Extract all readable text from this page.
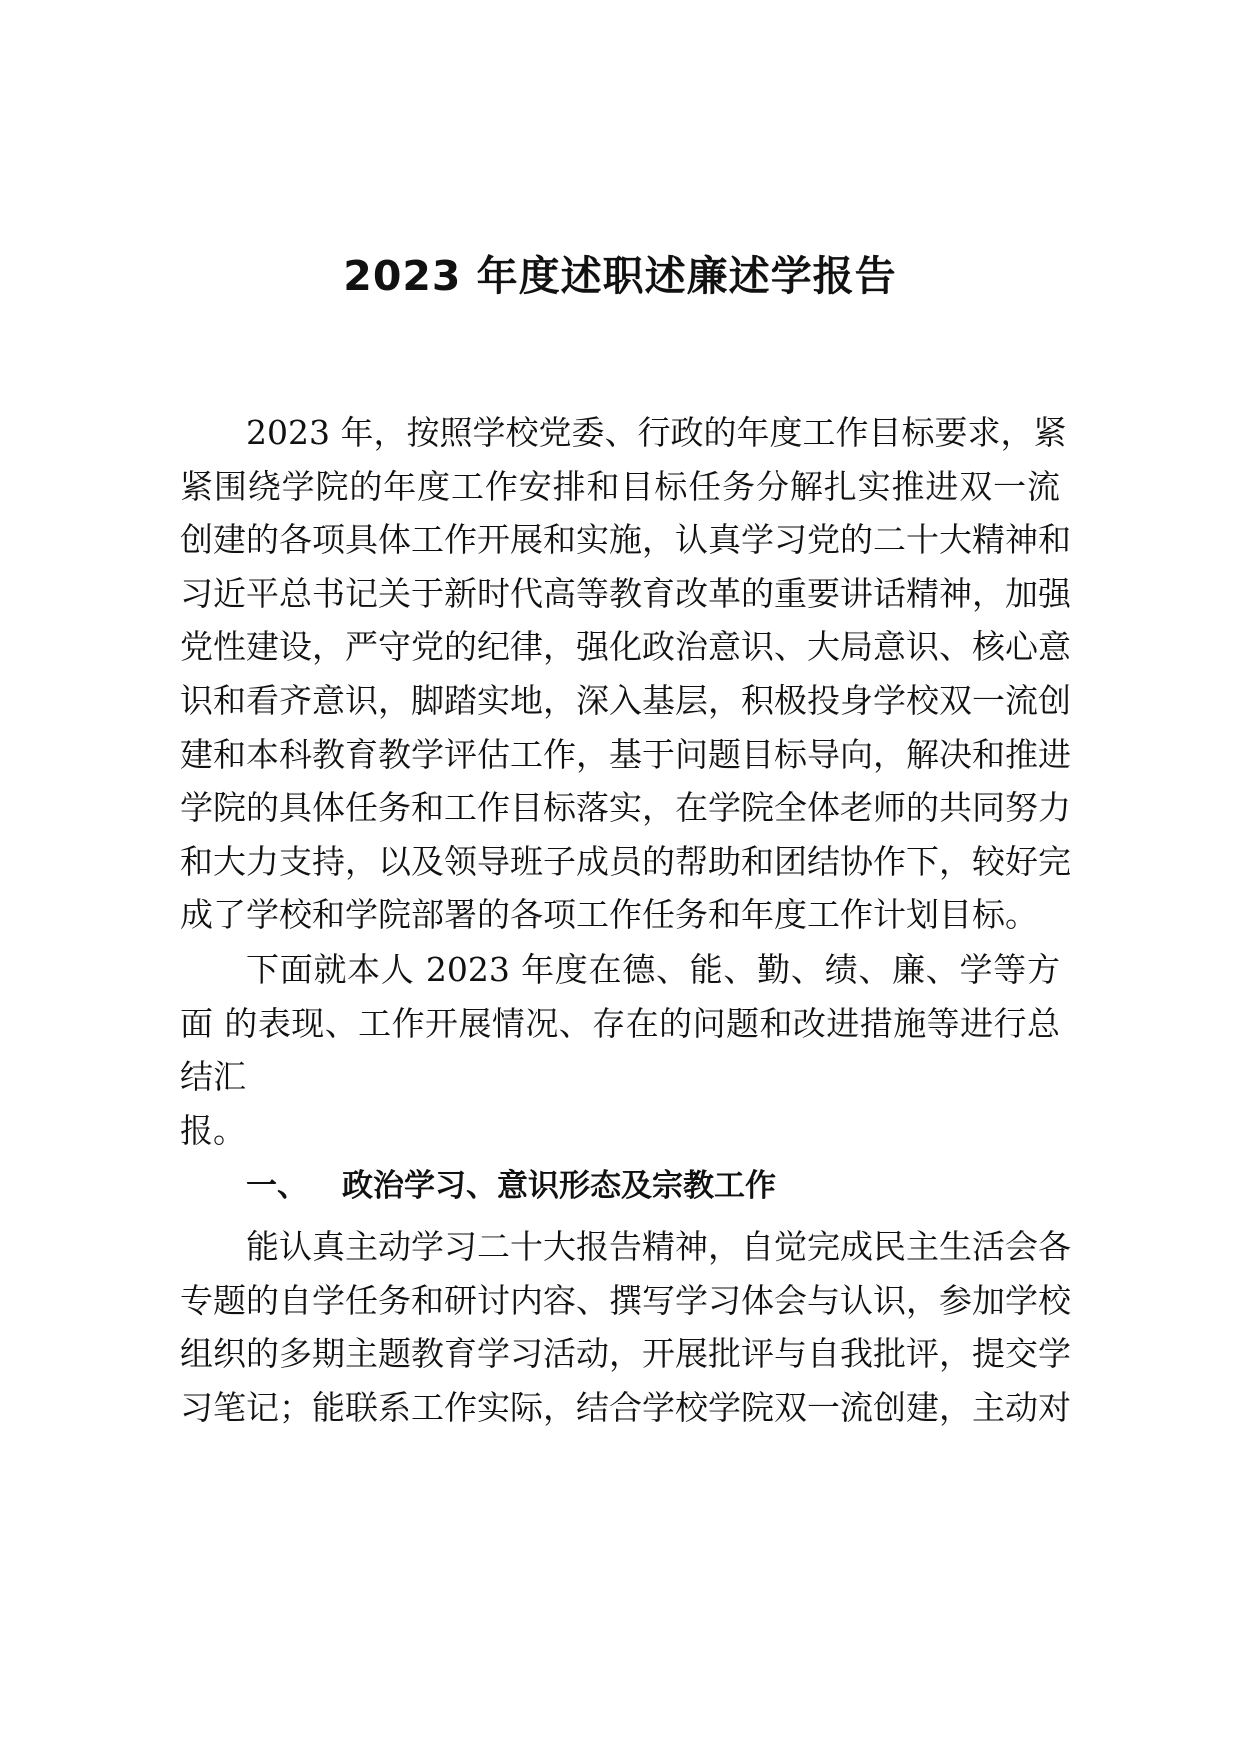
2023 年度述职述廉述学报告
2023 年，按照学校党委、行政的年度工作目标要求，紧
紧围绕学院的年度工作安排和目标任务分解扎实推进双一流
创建的各项具体工作开展和实施，认真学习党的二十大精神和
习近平总书记关于新时代高等教育改革的重要讲话精神，加强
党性建设，严守党的纪律，强化政治意识、大局意识、核心意
识和看齐意识，脚踏实地，深入基层，积极投身学校双一流创
建和本科教育教学评估工作，基于问题目标导向，解决和推进
学院的具体任务和工作目标落实，在学院全体老师的共同努力
和大力支持，以及领导班子成员的帮助和团结协作下，较好完
成了学校和学院部署的各项工作任务和年度工作计划目标。
下面就本人 2023 年度在德、能、勤、绩、廉、学等方
面 的表现、工作开展情况、存在的问题和改进措施等进行总
结汇
报。
一、 政治学习、意识形态及宗教工作
能认真主动学习二十大报告精神，自觉完成民主生活会各
专题的自学任务和研讨内容、撰写学习体会与认识，参加学校
组织的多期主题教育学习活动，开展批评与自我批评，提交学
习笔记；能联系工作实际，结合学校学院双一流创建，主动对
